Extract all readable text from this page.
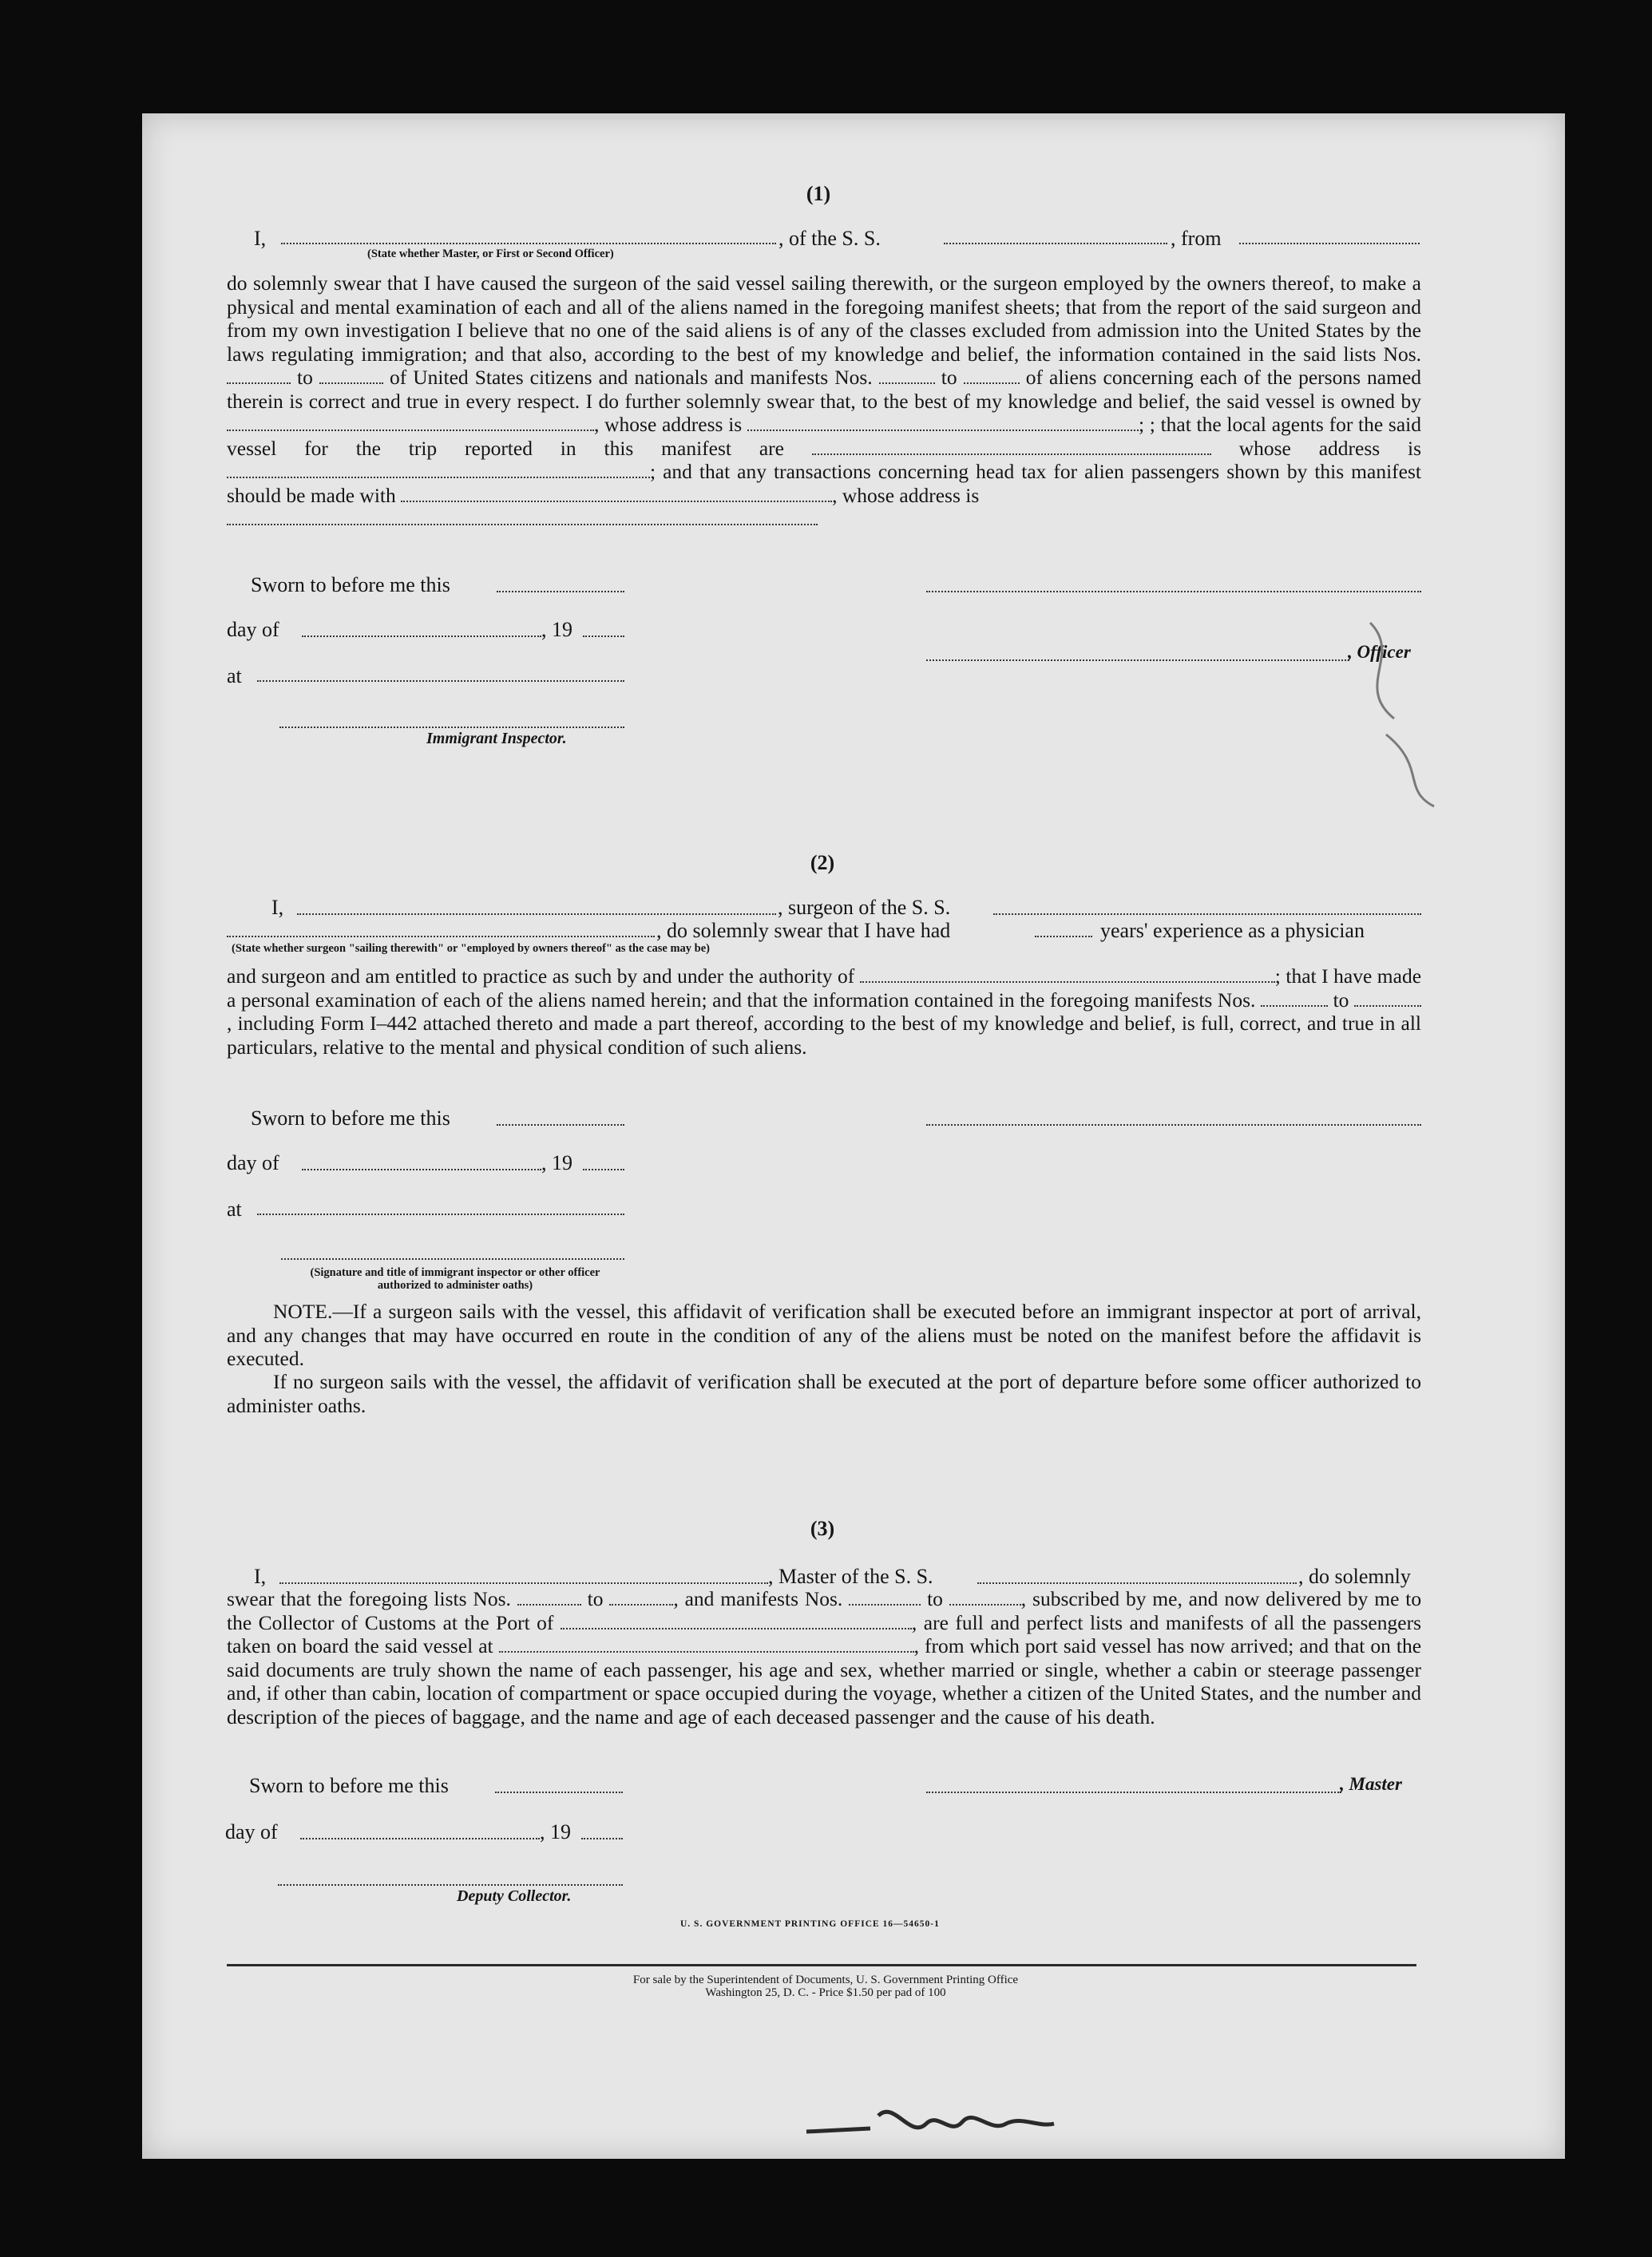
(1)
I,	, of the S. S.	, from
(State whether Master, or First or Second Officer)
do solemnly swear that I have caused the surgeon of the said vessel sailing therewith, or the surgeon employed by the owners thereof, to make a physical and mental examination of each and all of the aliens named in the foregoing manifest sheets; that from the report of the said surgeon and from my own investigation I believe that no one of the said aliens is of any of the classes excluded from admission into the United States by the laws regulating immigration; and that also, according to the best of my knowledge and belief, the information contained in the said lists Nos.  to	of United States citizens and nationals and manifests Nos.	to	of aliens concerning each of the persons named therein is correct and true in every respect. I do further solemnly swear that, to the best of my knowledge and belief, the said vessel is owned by , whose address is	; ; that the local agents for the said vessel for the trip reported in this manifest are	whose address is ; and that any transactions concerning head tax for alien passengers shown by this manifest should be made with	, whose address is

Sworn to before me this
day of	, 19
at
Immigrant Inspector.
, Officer
(2)
I,	, surgeon of the S. S.
, do solemnly swear that I have had	years' experience as a physician
(State whether surgeon "sailing therewith" or "employed by owners thereof" as the case may be)
and surgeon and am entitled to practice as such by and under the authority of	; that I have made a personal examination of each of the aliens named herein; and that the information contained in the foregoing manifests Nos.	to , including Form I–442 attached thereto and made a part thereof, according to the best of my knowledge and belief, is full, correct, and true in all particulars, relative to the mental and physical condition of such aliens.
Sworn to before me this
day of	, 19
at
(Signature and title of immigrant inspector or other officer authorized to administer oaths)
NOTE.—If a surgeon sails with the vessel, this affidavit of verification shall be executed before an immigrant inspector at port of arrival, and any changes that may have occurred en route in the condition of any of the aliens must be noted on the manifest before the affidavit is executed.
If no surgeon sails with the vessel, the affidavit of verification shall be executed at the port of departure before some officer authorized to administer oaths.
(3)
I,	, Master of the S. S.	, do solemnly
swear that the foregoing lists Nos.	to	, and manifests Nos.	to	, subscribed by me, and now delivered by me to the Collector of Customs at the Port of	, are full and perfect lists and manifests of all the passengers taken on board the said vessel at	, from which port said vessel has now arrived; and that on the said documents are truly shown the name of each passenger, his age and sex, whether married or single, whether a cabin or steerage passenger and, if other than cabin, location of compartment or space occupied during the voyage, whether a citizen of the United States, and the number and description of the pieces of baggage, and the name and age of each deceased passenger and the cause of his death.
Sworn to before me this
day of	, 19
Deputy Collector.
, Master
U. S. GOVERNMENT PRINTING OFFICE 16—54650-1
For sale by the Superintendent of Documents, U. S. Government Printing Office
Washington 25, D. C. - Price $1.50 per pad of 100
